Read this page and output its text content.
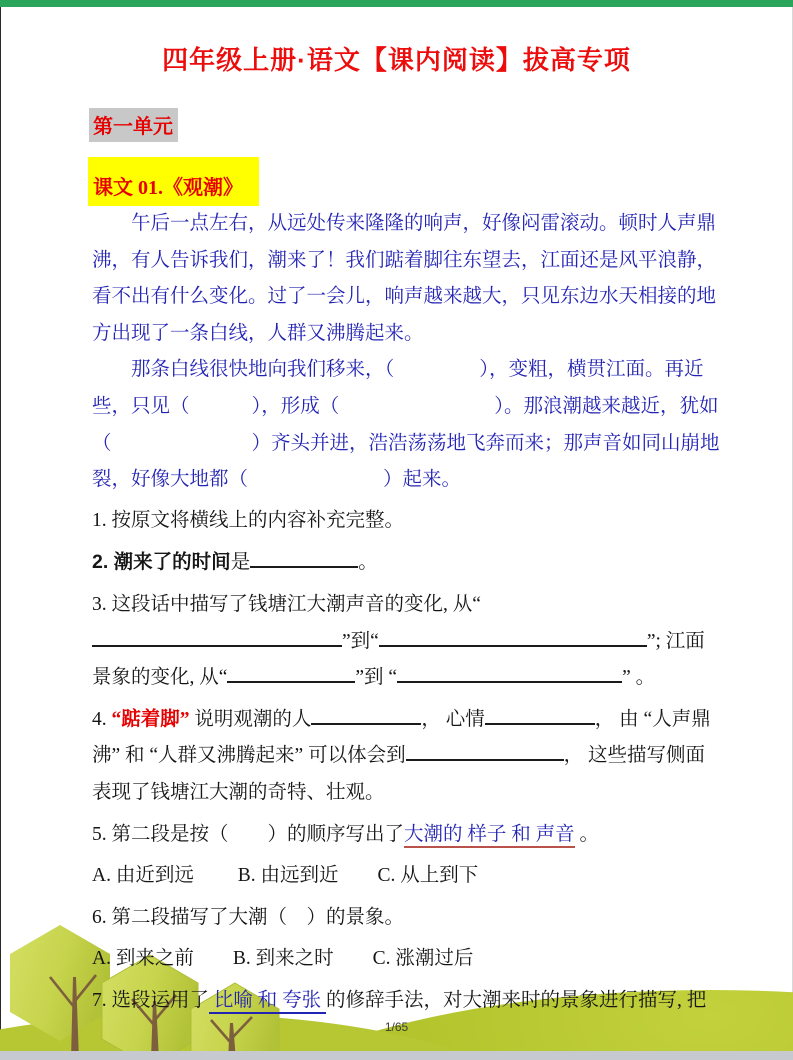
四年级上册·语文【课内阅读】拔高专项
第一单元
课文 01.《观潮》

午后一点左右，从远处传来隆隆的响声，好像闷雷滚动。顿时人声鼎沸，有人告诉我们，潮来了！我们踮着脚往东望去，江面还是风平浪静，看不出有什么变化。过了一会儿，响声越来越大，只见东边水天相接的地方出现了一条白线，人群又沸腾起来。

那条白线很快地向我们移来，（	），变粗，横贯江面。再近些，只见（	），形成（	）。那浪潮越来越近，犹如（	）齐头并进，浩浩荡荡地飞奔而来；那声音如同山崩地裂，好像大地都（	）起来。

1. 按原文将横线上的内容补充完整。

2. 潮来了的时间是	。

3. 这段话中描写了钱塘江大潮声音的变化, 从“”到“	”; 江面景象的变化, 从“	”到 “	” 。

4. “踮着脚” 说明观潮的人	， 心情	， 由 “人声鼎沸” 和 “人群又沸腾起来” 可以体会到	， 这些描写侧面表现了钱塘江大潮的奇特、壮观。

5. 第二段是按（　　）的顺序写出了大潮的 样子 和 声音 。

A. 由近到远　　 B. 由远到近　　C. 从上到下

6. 第二段描写了大潮（　）的景象。

A. 到来之前　　B. 到来之时　　C. 涨潮过后

7. 选段运用了 比喻 和 夸张 的修辞手法，对大潮来时的景象进行描写, 把

1/65
